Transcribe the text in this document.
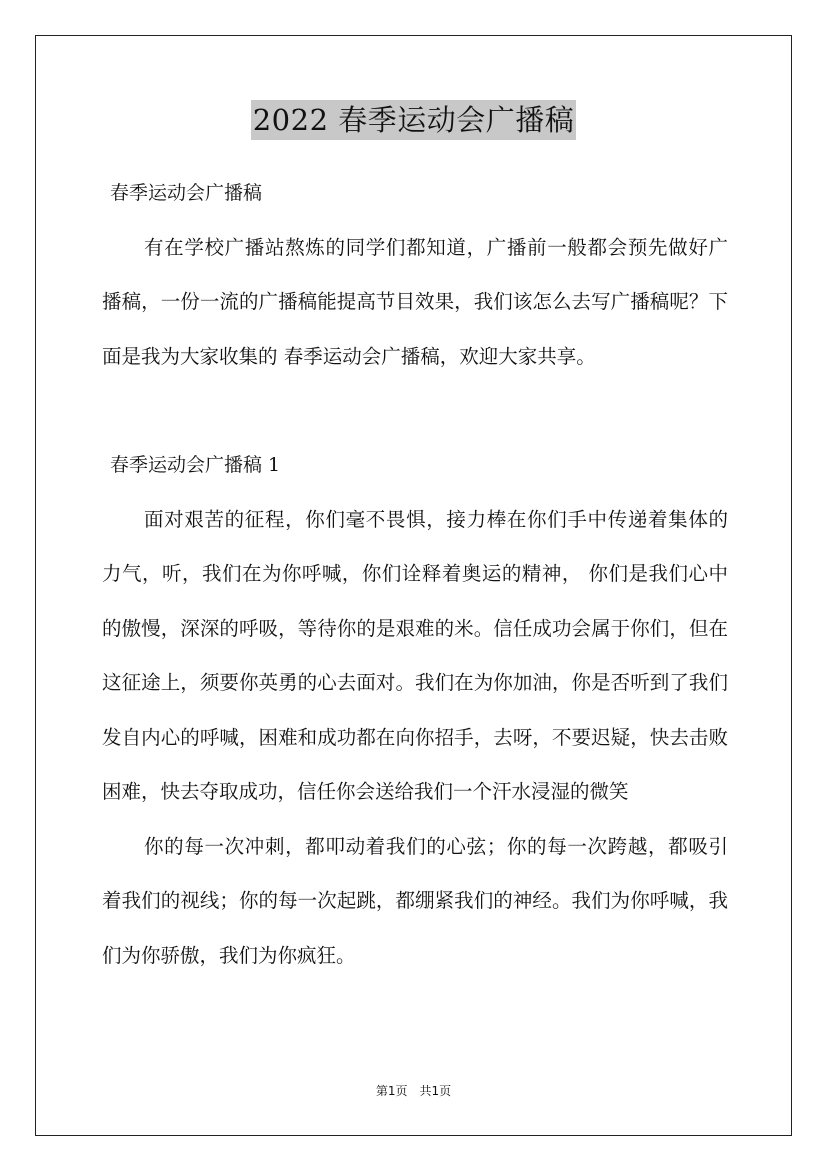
2022 春季运动会广播稿

春季运动会广播稿

有在学校广播站熬炼的同学们都知道，广播前一般都会预先做好广播稿，一份一流的广播稿能提高节目效果，我们该怎么去写广播稿呢？下面是我为大家收集的 春季运动会广播稿，欢迎大家共享。

春季运动会广播稿 1

面对艰苦的征程，你们毫不畏惧，接力棒在你们手中传递着集体的力气，听，我们在为你呼喊，你们诠释着奥运的精神， 你们是我们心中的傲慢，深深的呼吸，等待你的是艰难的米。信任成功会属于你们，但在这征途上，须要你英勇的心去面对。我们在为你加油，你是否听到了我们发自内心的呼喊，困难和成功都在向你招手，去呀，不要迟疑，快去击败困难，快去夺取成功，信任你会送给我们一个汗水浸湿的微笑

你的每一次冲刺，都叩动着我们的心弦；你的每一次跨越，都吸引着我们的视线；你的每一次起跳，都绷紧我们的神经。我们为你呼喊，我们为你骄傲，我们为你疯狂。

第1页　共1页
